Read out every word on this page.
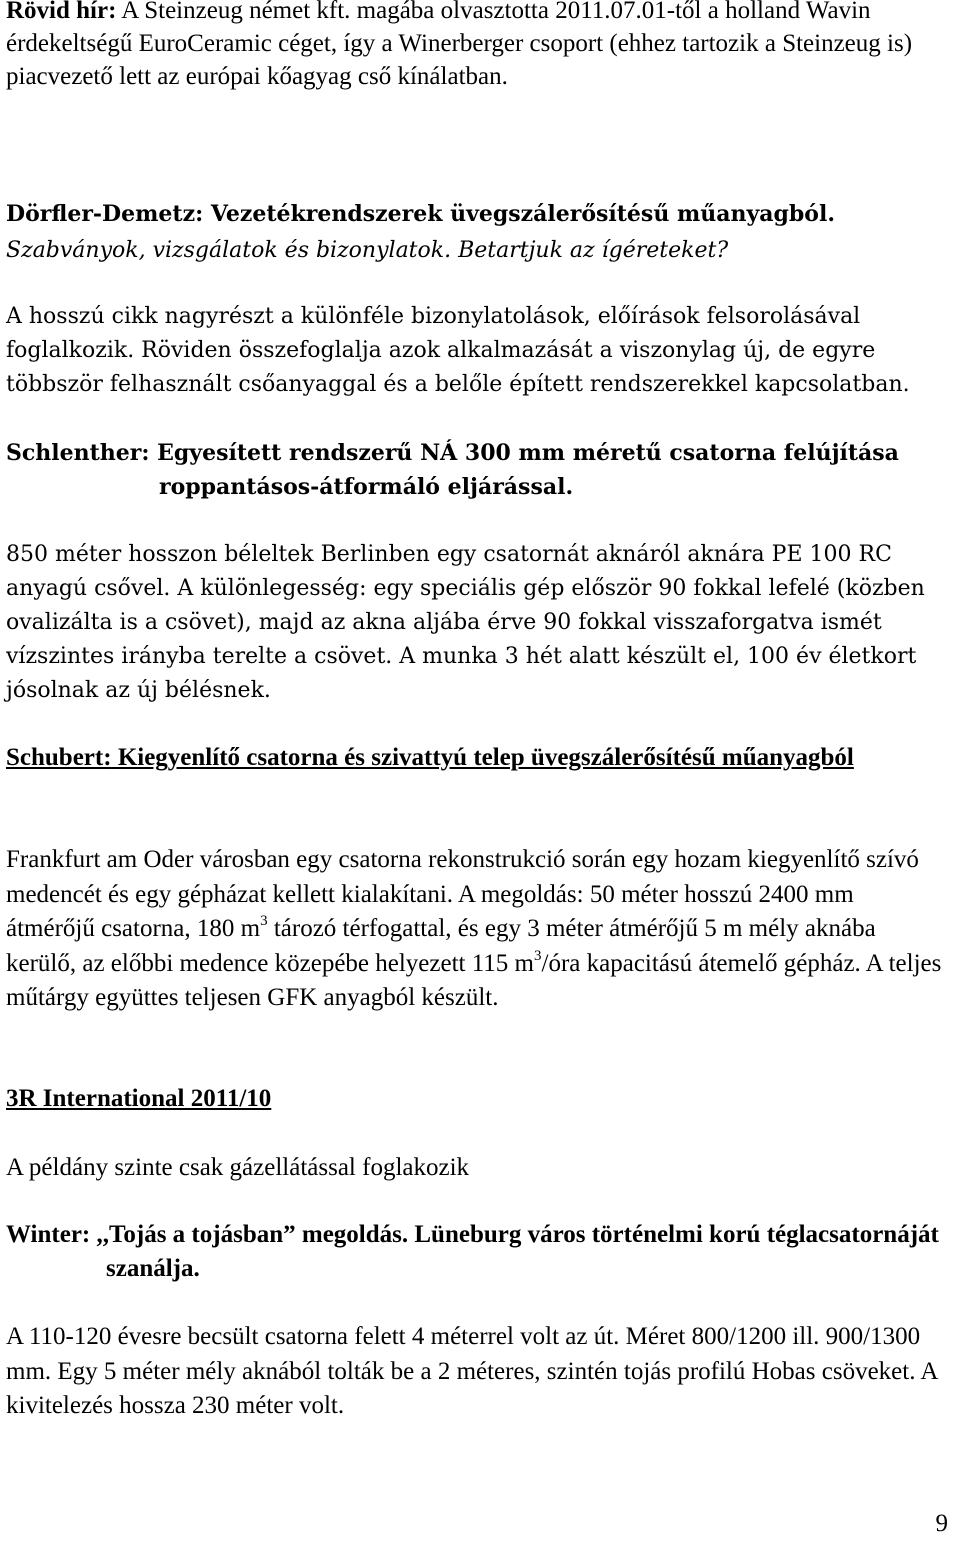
Rövid hír: A Steinzeug német kft. magába olvasztotta 2011.07.01-től a holland Wavin érdekeltségű EuroCeramic céget, így a Winerberger csoport (ehhez tartozik a Steinzeug is) piacvezető lett az európai kőagyag cső kínálatban.

Dörfler-Demetz: Vezetékrendszerek üvegszálerősítésű műanyagból.

Szabványok, vizsgálatok és bizonylatok. Betartjuk az ígéreteket?

A hosszú cikk nagyrészt a különféle bizonylatolások, előírások felsorolásával foglalkozik. Röviden összefoglalja azok alkalmazását a viszonylag új, de egyre többször felhasznált csőanyaggal és a belőle épített rendszerekkel kapcsolatban.

Schlenther: Egyesített rendszerű NÁ 300 mm méretű csatorna felújítása roppantásos-átformáló eljárással.

850 méter hosszon béleltek Berlinben egy csatornát aknáról aknára PE 100 RC anyagú csővel. A különlegesség: egy speciális gép először 90 fokkal lefelé (közben ovalizálta is a csövet), majd az akna aljába érve 90 fokkal visszaforgatva ismét vízszintes irányba terelte a csövet. A munka 3 hét alatt készült el, 100 év életkort jósolnak az új bélésnek.

Schubert: Kiegyenlítő csatorna és szivattyú telep üvegszálerősítésű műanyagból

Frankfurt am Oder városban egy csatorna rekonstrukció során egy hozam kiegyenlítő szívó medencét és egy gépházat kellett kialakítani. A megoldás: 50 méter hosszú 2400 mm átmérőjű csatorna, 180 $m^3$ tározó térfogattal, és egy 3 méter átmérőjű 5 m mély aknába kerülő, az előbbi medence közepébe helyezett 115 $m^3$/óra kapacitású átemelő gépház. A teljes műtárgy együttes teljesen GFK anyagból készült.

3R International 2011/10

A példány szinte csak gázellátással foglakozik

Winter: ,,Tojás a tojásban” megoldás. Lüneburg város történelmi korú téglacsatornáját szanálja.

A 110-120 évesre becsült csatorna felett 4 méterrel volt az út. Méret 800/1200 ill. 900/1300 mm. Egy 5 méter mély aknából tolták be a 2 méteres, szintén tojás profilú Hobas csöveket. A kivitelezés hossza 230 méter volt.

9
